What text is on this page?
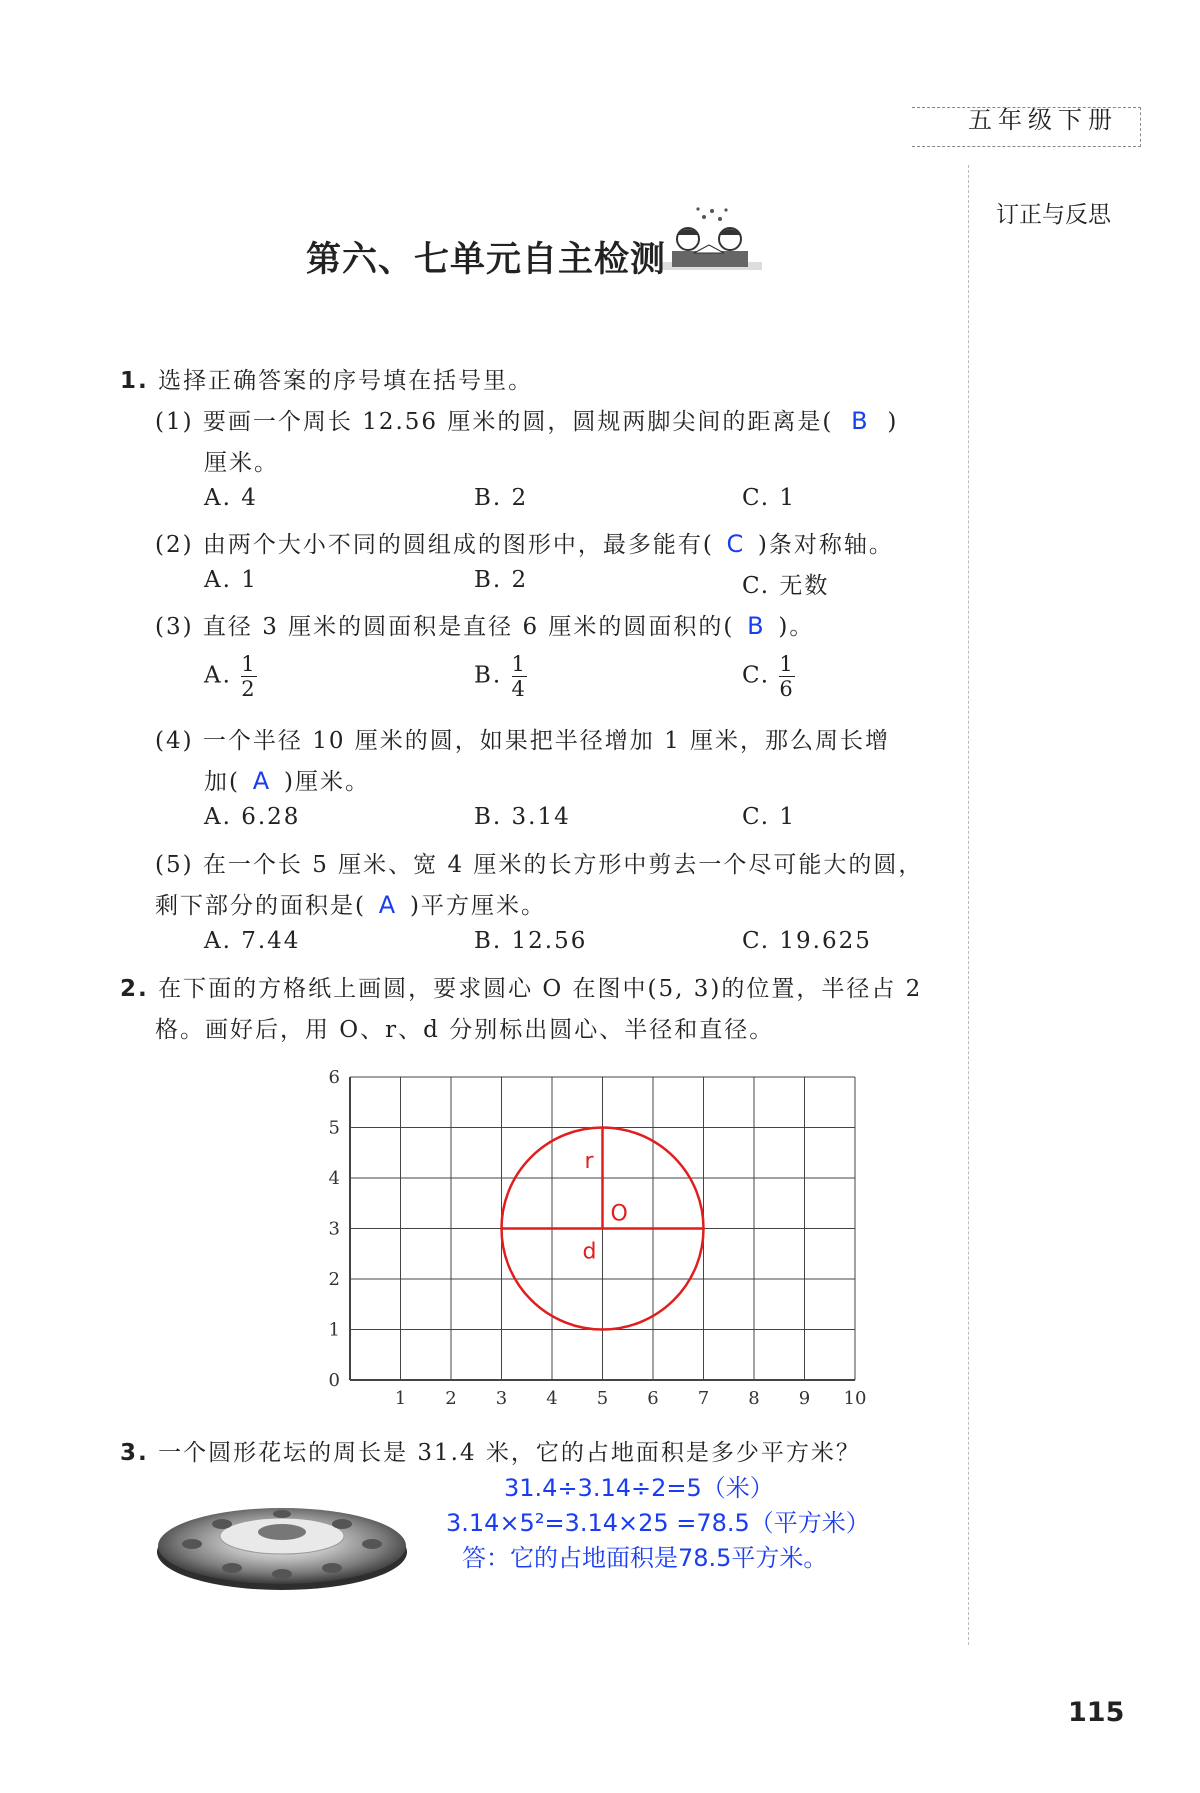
五年级下册
订正与反思
第六、七单元自主检测
1. 选择正确答案的序号填在括号里。
(1) 要画一个周长 12.56 厘米的圆，圆规两脚尖间的距离是( B )
厘米。
A. 4	B. 2	C. 1
(2) 由两个大小不同的圆组成的图形中，最多能有( C )条对称轴。
A. 1	B. 2	C. 无数
(3) 直径 3 厘米的圆面积是直径 6 厘米的圆面积的( B )。
A. $\frac{1}{2}$	B. $\frac{1}{4}$	C. $\frac{1}{6}$
(4) 一个半径 10 厘米的圆，如果把半径增加 1 厘米，那么周长增
加( A )厘米。
A. 6.28	B. 3.14	C. 1
(5) 在一个长 5 厘米、宽 4 厘米的长方形中剪去一个尽可能大的圆，
剩下部分的面积是( A )平方厘米。
A. 7.44	B. 12.56	C. 19.625
2. 在下面的方格纸上画圆，要求圆心 O 在图中(5, 3)的位置，半径占 2
格。画好后，用 O、r、d 分别标出圆心、半径和直径。
1 2 3 4 5 6 7 8 9 10
0
1
2
3
4
5
6
O
r
d
3. 一个圆形花坛的周长是 31.4 米，它的占地面积是多少平方米？
31.4÷3.14÷2=5（米）
3.14×5²=3.14×25 =78.5（平方米）
答：它的占地面积是78.5平方米。
115
